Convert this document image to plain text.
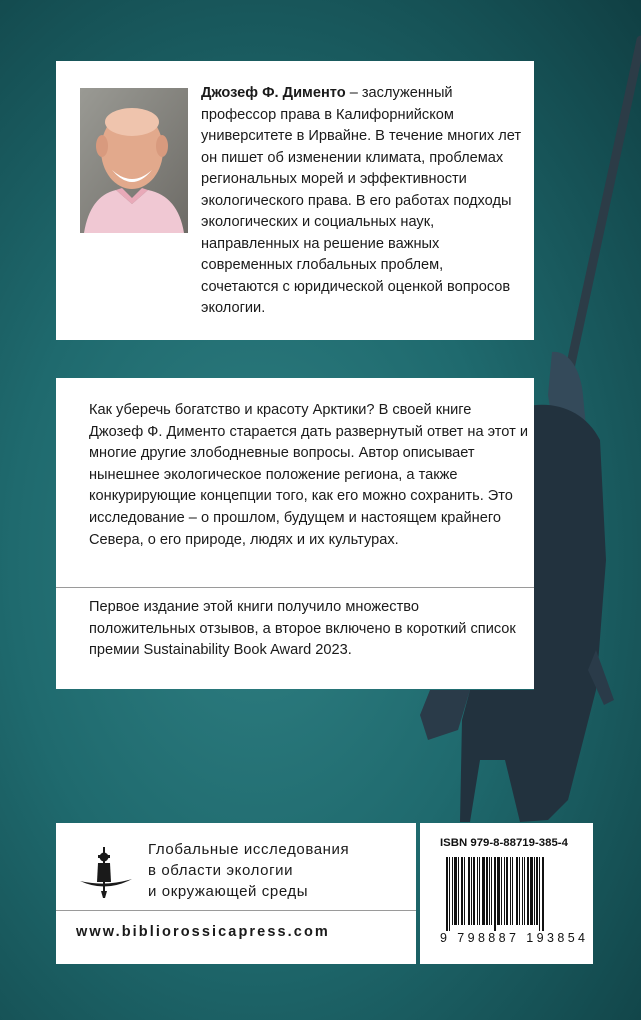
Джозеф Ф. Дименто – заслуженный профессор права в Калифорнийском университете в Ирвайне. В течение многих лет он пишет об изменении климата, проблемах региональных морей и эффективности экологического права. В его работах подходы экологических и социальных наук, направленных на решение важных современных глобальных проблем, сочетаются с юридической оценкой вопросов экологии.
Как уберечь богатство и красоту Арктики? В своей книге Джозеф Ф. Дименто старается дать развернутый ответ на этот и многие другие злободневные вопросы. Автор описывает нынешнее экологическое положение региона, а также конкурирующие концепции того, как его можно сохранить. Это исследование – о прошлом, будущем и настоящем крайнего Севера, о его природе, людях и их культурах.
Первое издание этой книги получило множество положительных отзывов, а второе включено в короткий список премии Sustainability Book Award 2023.
Глобальные исследования
в области экологии
и окружающей среды
www.bibliorossicapress.com
ISBN 979-8-88719-385-4
9 798887 193854
